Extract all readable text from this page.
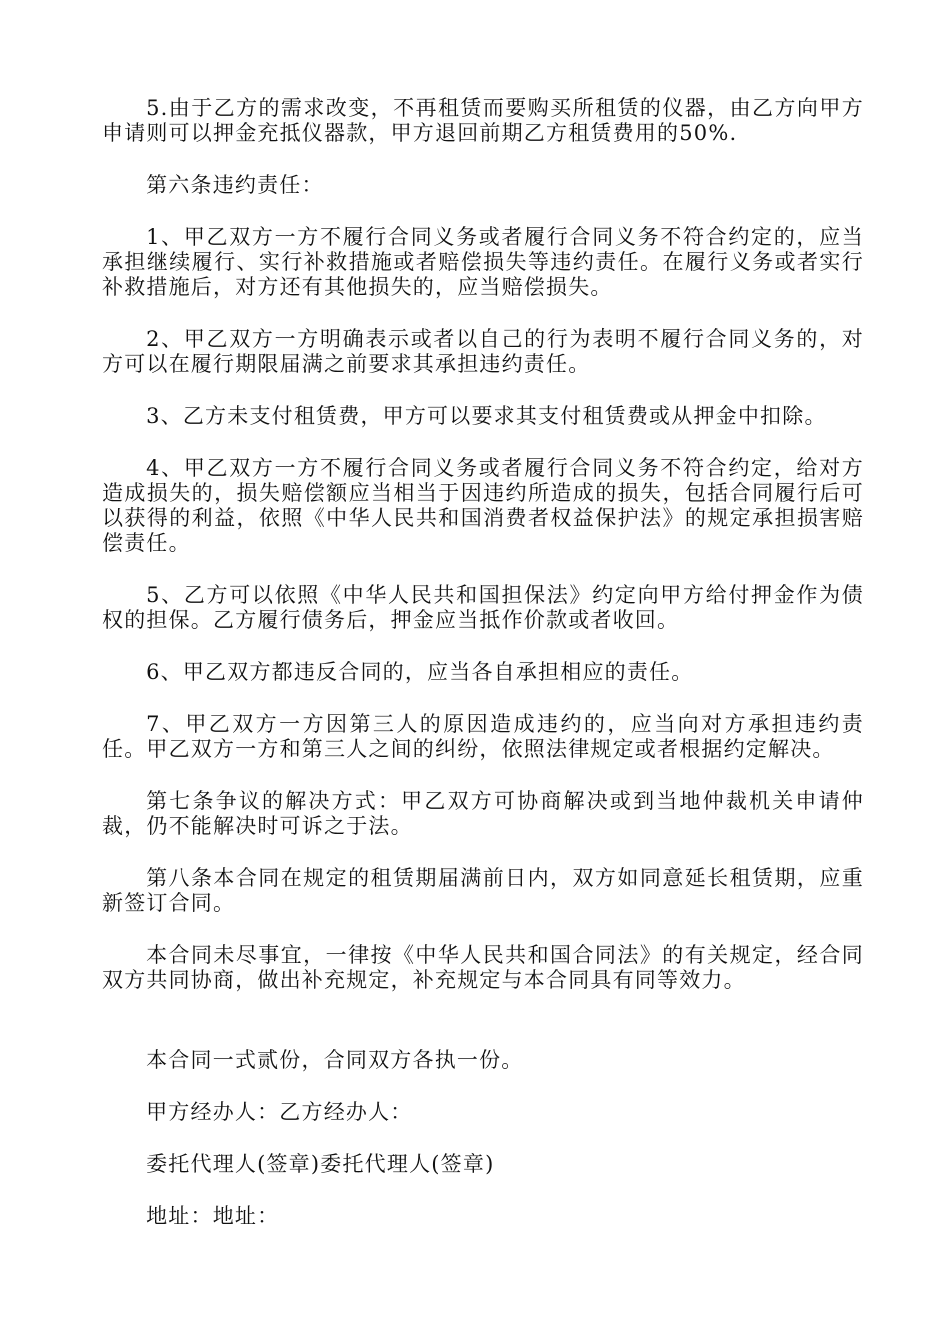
5.由于乙方的需求改变，不再租赁而要购买所租赁的仪器，由乙方向甲方申请则可以押金充抵仪器款，甲方退回前期乙方租赁费用的50%.

第六条违约责任：

1、甲乙双方一方不履行合同义务或者履行合同义务不符合约定的，应当承担继续履行、实行补救措施或者赔偿损失等违约责任。在履行义务或者实行补救措施后，对方还有其他损失的，应当赔偿损失。

2、甲乙双方一方明确表示或者以自己的行为表明不履行合同义务的，对方可以在履行期限届满之前要求其承担违约责任。

3、乙方未支付租赁费，甲方可以要求其支付租赁费或从押金中扣除。

4、甲乙双方一方不履行合同义务或者履行合同义务不符合约定，给对方造成损失的，损失赔偿额应当相当于因违约所造成的损失，包括合同履行后可以获得的利益，依照《中华人民共和国消费者权益保护法》的规定承担损害赔偿责任。

5、乙方可以依照《中华人民共和国担保法》约定向甲方给付押金作为债权的担保。乙方履行债务后，押金应当抵作价款或者收回。

6、甲乙双方都违反合同的，应当各自承担相应的责任。

7、甲乙双方一方因第三人的原因造成违约的，应当向对方承担违约责任。甲乙双方一方和第三人之间的纠纷，依照法律规定或者根据约定解决。

第七条争议的解决方式：甲乙双方可协商解决或到当地仲裁机关申请仲裁，仍不能解决时可诉之于法。

第八条本合同在规定的租赁期届满前日内，双方如同意延长租赁期，应重新签订合同。

本合同未尽事宜，一律按《中华人民共和国合同法》的有关规定，经合同双方共同协商，做出补充规定，补充规定与本合同具有同等效力。

本合同一式贰份，合同双方各执一份。

甲方经办人：乙方经办人：

委托代理人(签章)委托代理人(签章)

地址：地址：
